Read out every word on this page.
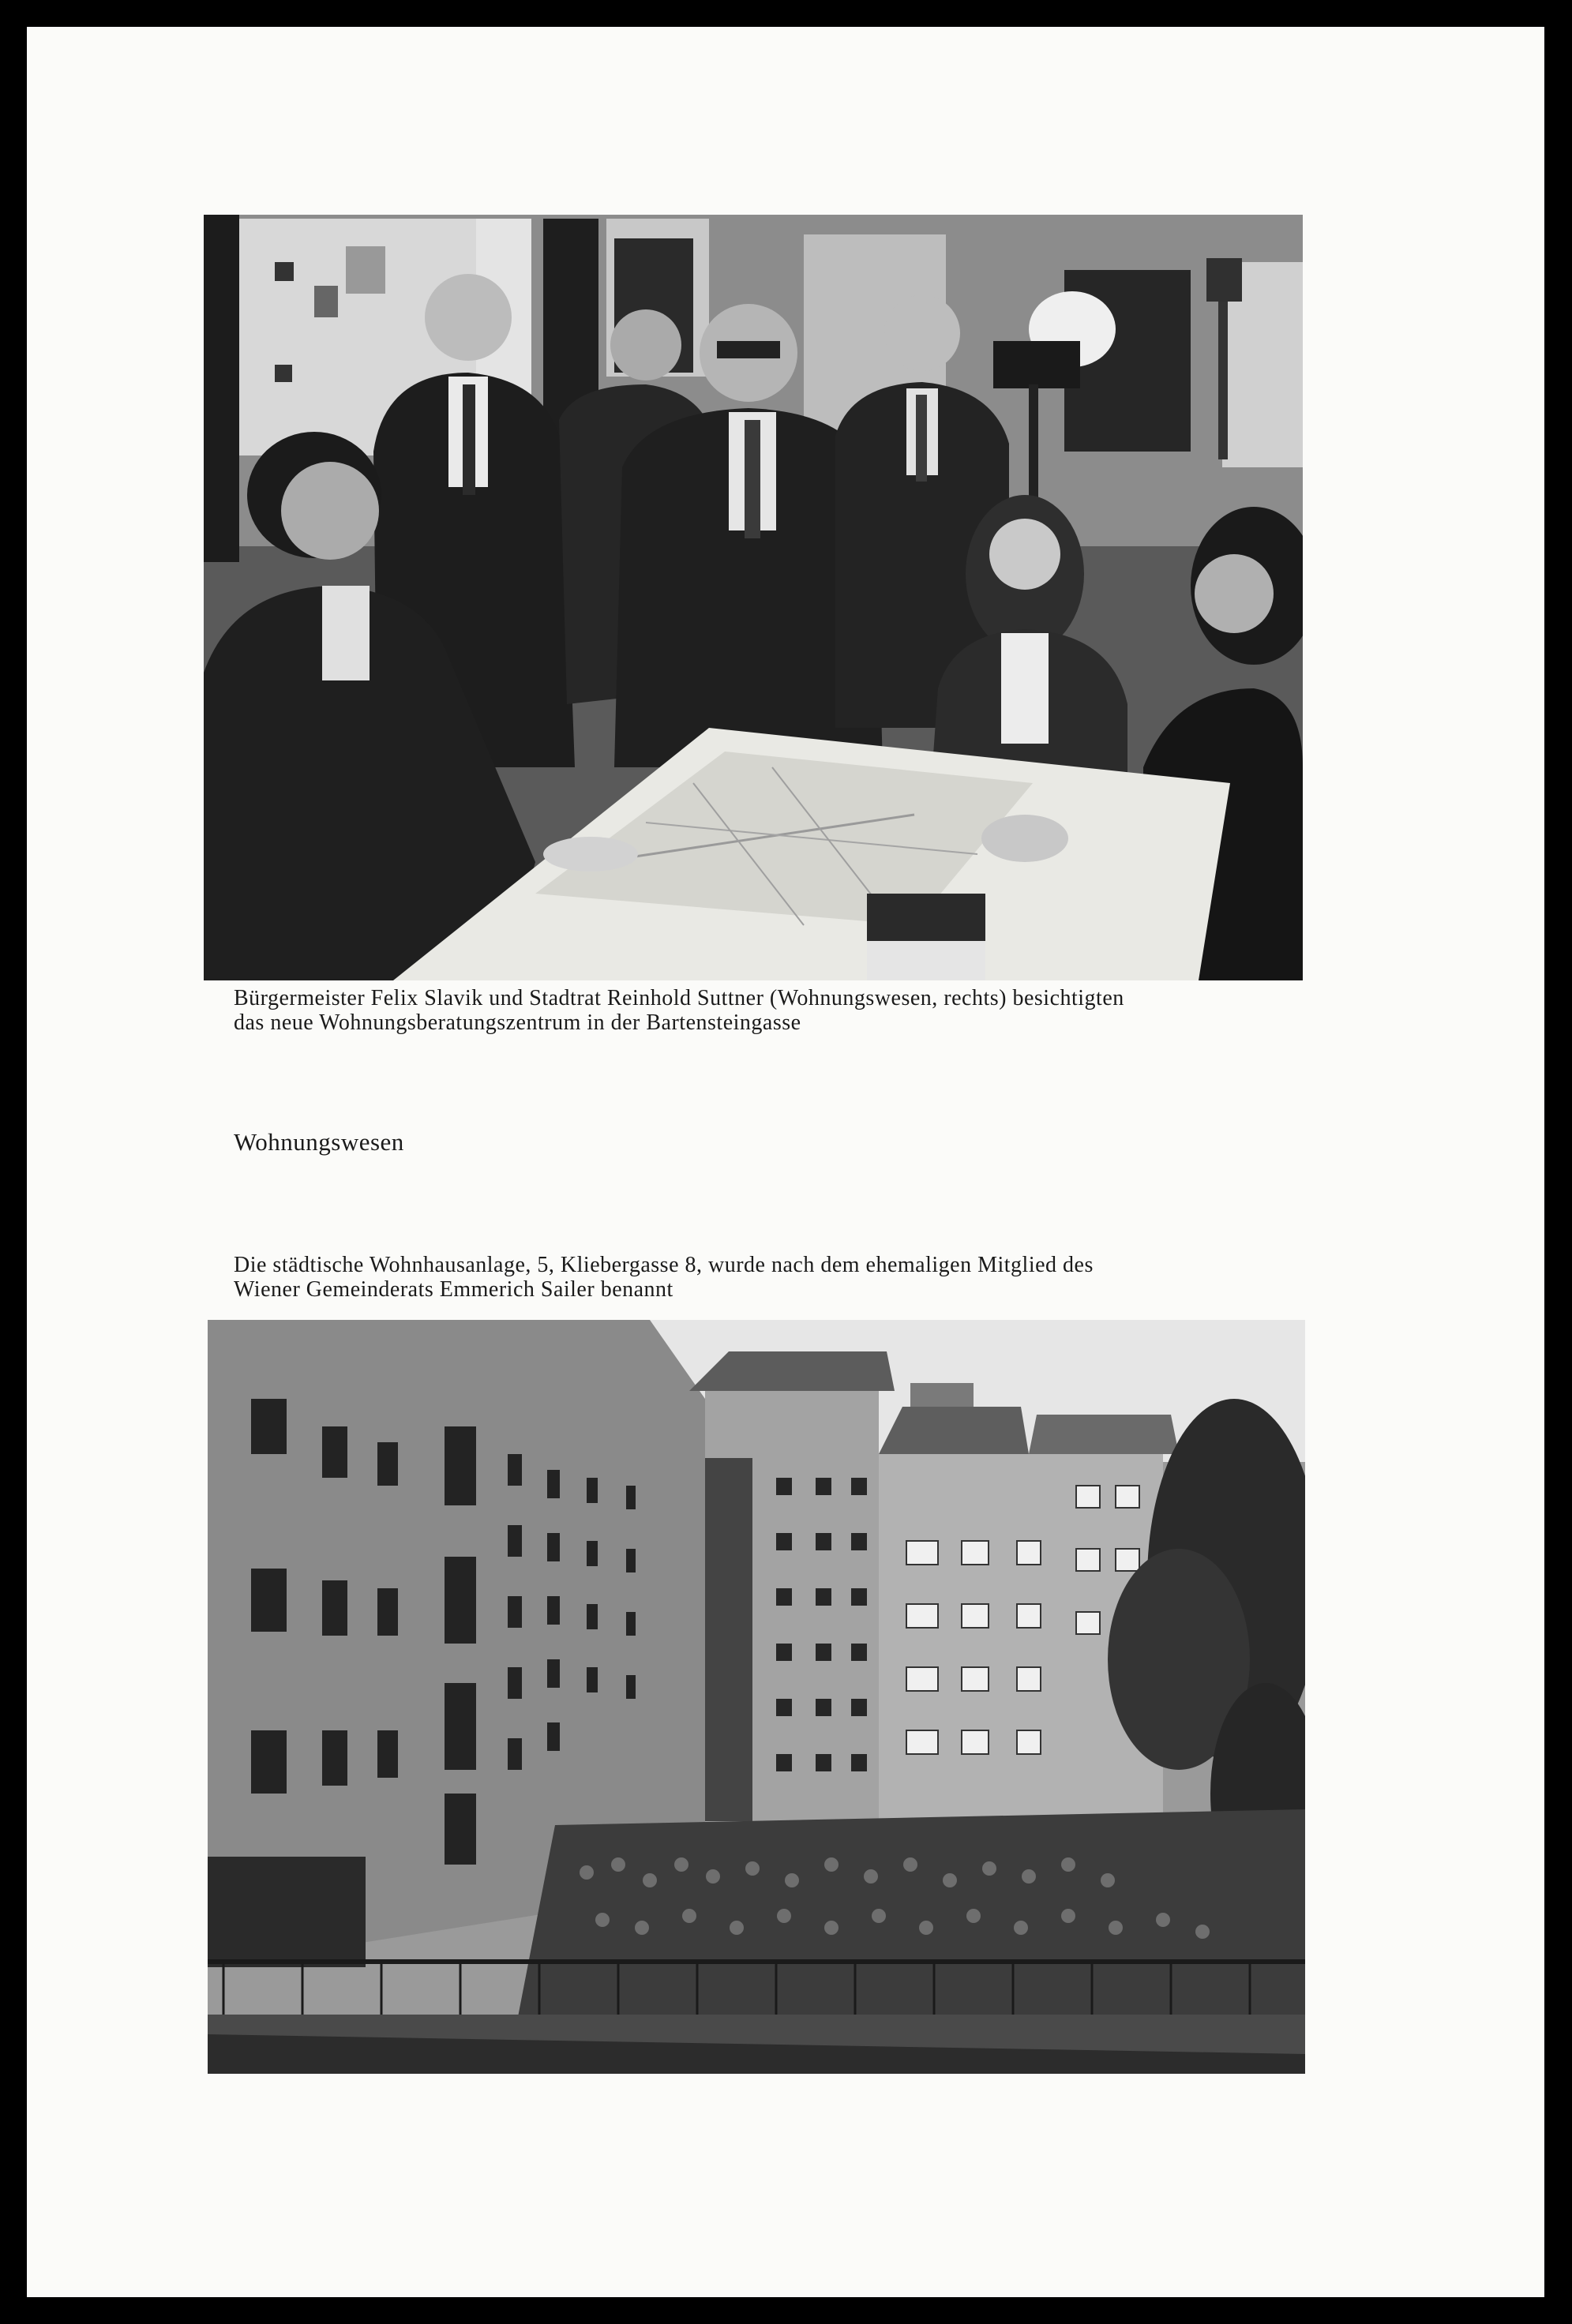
Bürgermeister Felix Slavik und Stadtrat Reinhold Suttner (Wohnungswesen, rechts) besichtigten
das neue Wohnungsberatungszentrum in der Bartensteingasse

Wohnungswesen

Die städtische Wohnhausanlage, 5, Kliebergasse 8, wurde nach dem ehemaligen Mitglied des
Wiener Gemeinderats Emmerich Sailer benannt
